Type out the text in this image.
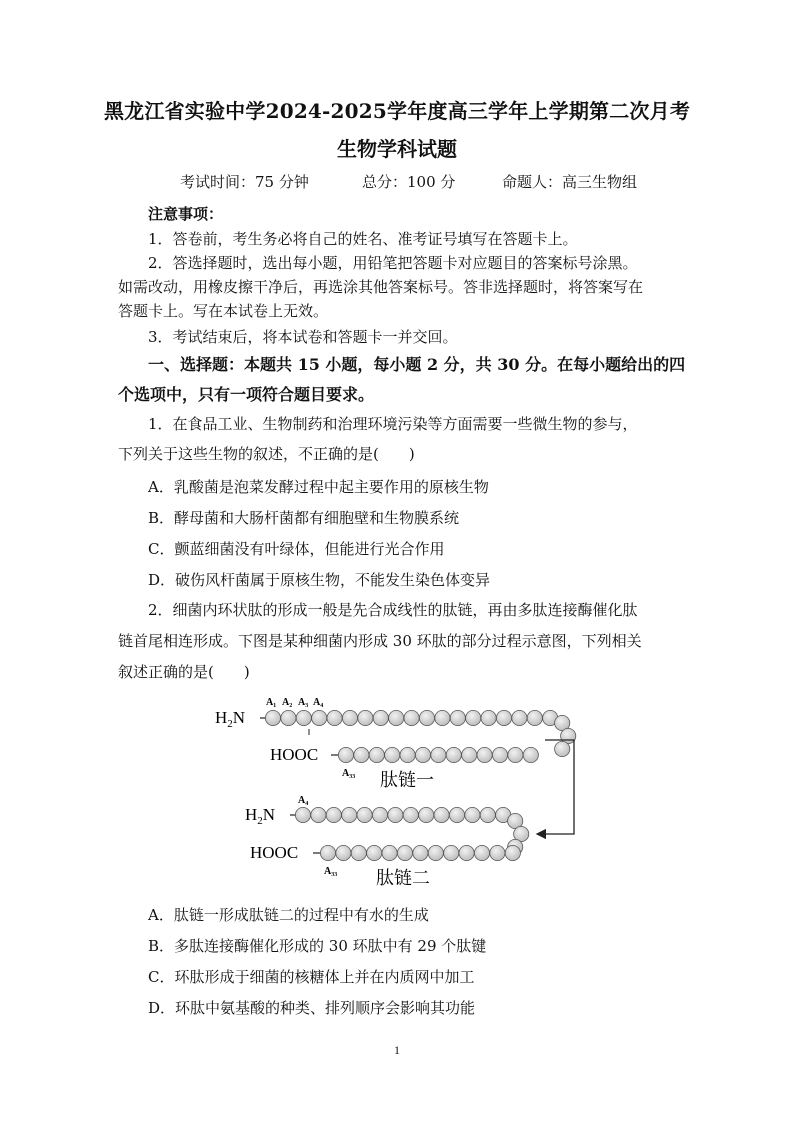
黑龙江省实验中学2024-2025学年度高三学年上学期第二次月考
生物学科试题
考试时间：75 分钟	总分：100 分	命题人：高三生物组
注意事项：
1．答卷前，考生务必将自己的姓名、准考证号填写在答题卡上。
2．答选择题时，选出每小题，用铅笔把答题卡对应题目的答案标号涂黑。
如需改动，用橡皮擦干净后，再选涂其他答案标号。答非选择题时，将答案写在
答题卡上。写在本试卷上无效。
3．考试结束后，将本试卷和答题卡一并交回。
一、选择题：本题共 15 小题，每小题 2 分，共 30 分。在每小题给出的四
个选项中，只有一项符合题目要求。
1．在食品工业、生物制药和治理环境污染等方面需要一些微生物的参与，
下列关于这些生物的叙述，不正确的是(　　)
A．乳酸菌是泡菜发酵过程中起主要作用的原核生物
B．酵母菌和大肠杆菌都有细胞壁和生物膜系统
C．颤蓝细菌没有叶绿体，但能进行光合作用
D．破伤风杆菌属于原核生物，不能发生染色体变异
2．细菌内环状肽的形成一般是先合成线性的肽链，再由多肽连接酶催化肽
链首尾相连形成。下图是某种细菌内形成 30 环肽的部分过程示意图，下列相关
叙述正确的是(　　)
$H_2N$
A₁ A₂ A₃ A₄
HOOC
A₃₃ 肽链一
$H_2N$
A₄
HOOC
A₃₃ 肽链二
A．肽链一形成肽链二的过程中有水的生成
B．多肽连接酶催化形成的 30 环肽中有 29 个肽键
C．环肽形成于细菌的核糖体上并在内质网中加工
D．环肽中氨基酸的种类、排列顺序会影响其功能
1
